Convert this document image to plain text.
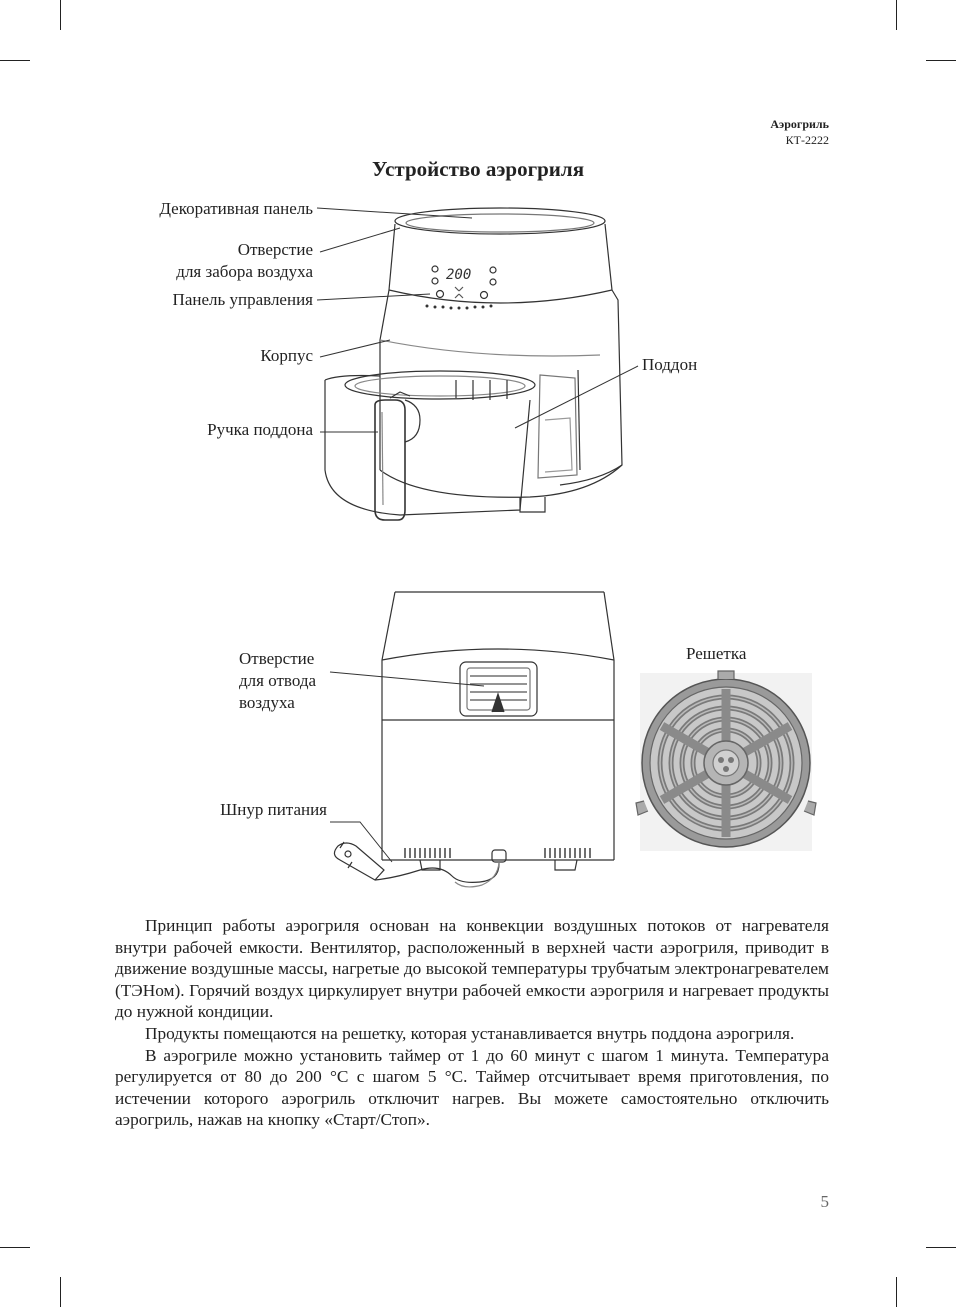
Аэрогриль
КТ-2222
Устройство аэрогриля
200
Декоративная панель
Отверстие
для забора воздуха
Панель управления
Корпус	Поддон
Ручка поддона
Отверстие
для отвода
воздуха
Шнур питания
Решетка

Принцип работы аэрогриля основан на конвекции воздушных потоков от нагревателя внутри рабочей емкости. Вентилятор, расположенный в верхней части аэрогриля, приводит в движение воздушные массы, нагретые до высокой температуры трубчатым электронагревателем (ТЭНом). Горячий воздух циркулирует внутри рабочей емкости аэрогриля и нагревает продукты до нужной кондиции.

Продукты помещаются на решетку, которая устанавливается внутрь поддона аэрогриля.

В аэрогриле можно установить таймер от 1 до 60 минут с шагом 1 минута. Температура регулируется от 80 до 200 °С с шагом 5 °С. Таймер отсчитывает время приготовления, по истечении которого аэрогриль отключит нагрев. Вы можете самостоятельно отключить аэрогриль, нажав на кнопку «Старт/Стоп».

5
